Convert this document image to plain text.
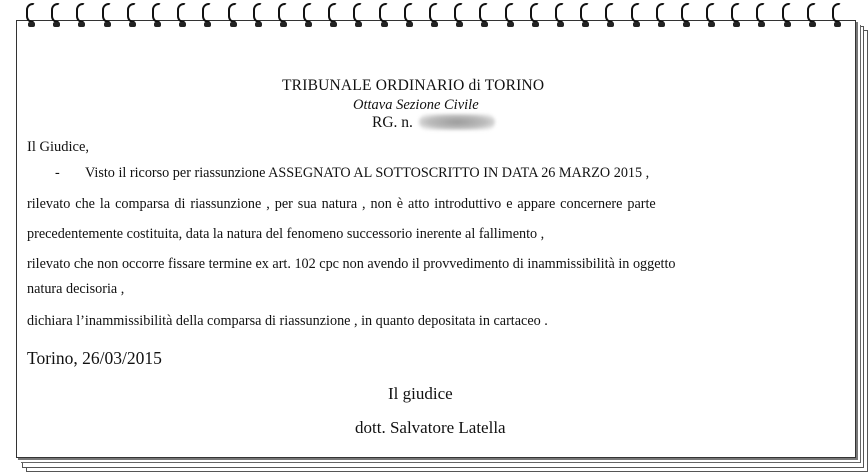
TRIBUNALE ORDINARIO di TORINO
Ottava Sezione Civile
RG. n.
Il Giudice,
- Visto il ricorso per riassunzione ASSEGNATO AL SOTTOSCRITTO IN DATA 26 MARZO 2015 ,
rilevato che la comparsa di riassunzione , per sua natura , non è atto introduttivo e appare concernere parte
precedentemente costituita, data la natura del fenomeno successorio inerente al fallimento ,
rilevato che non occorre fissare termine ex art. 102 cpc non avendo il provvedimento di inammissibilità in oggetto
natura decisoria ,
dichiara l’inammissibilità della comparsa di riassunzione , in quanto depositata in cartaceo .
Torino, 26/03/2015
Il giudice
dott. Salvatore Latella
